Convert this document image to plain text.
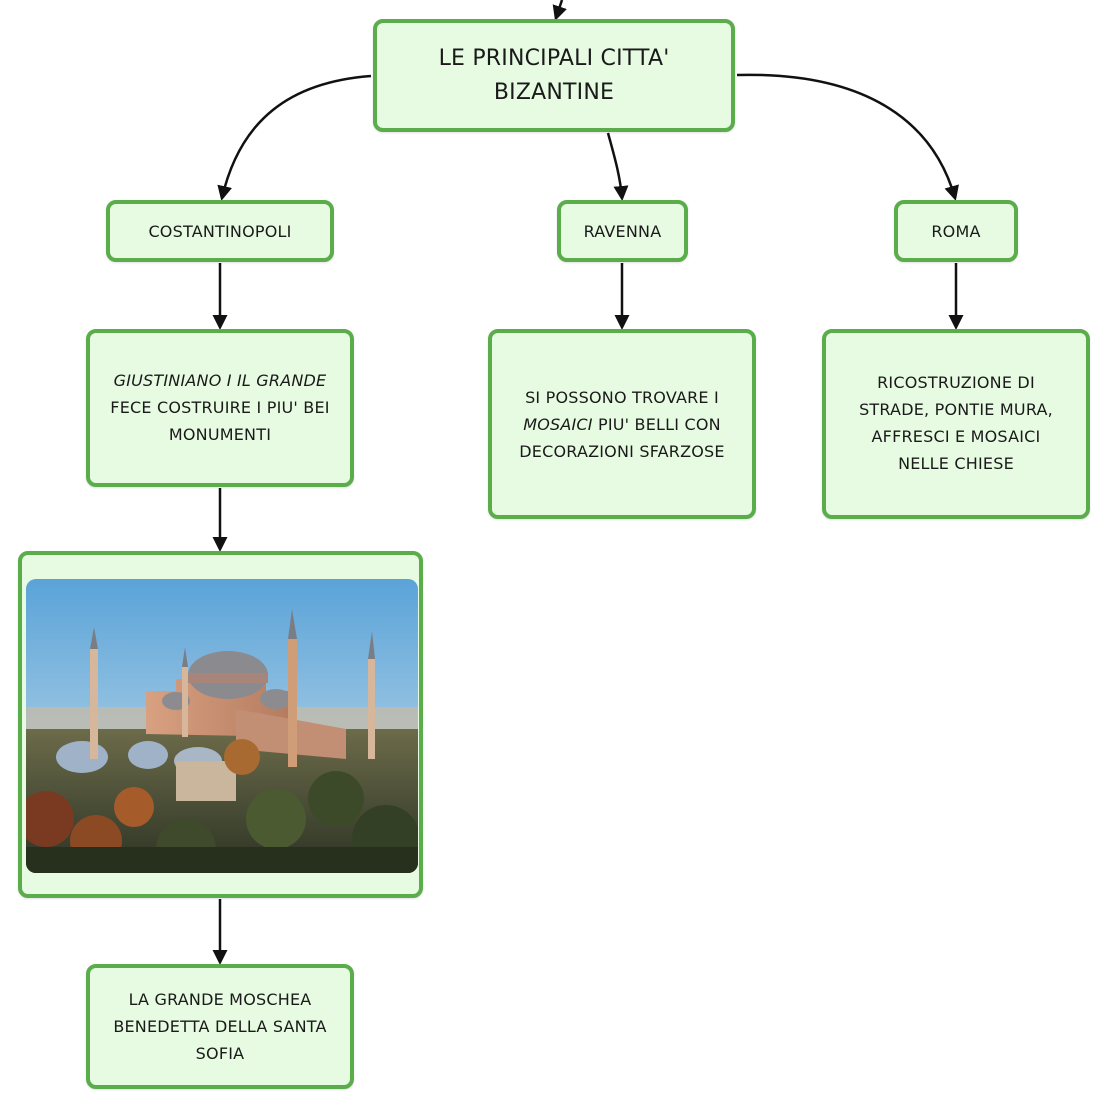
LE PRINCIPALI CITTA'
BIZANTINE
COSTANTINOPOLI	RAVENNA	ROMA
GIUSTINIANO I IL GRANDE
FECE COSTRUIRE I PIU' BEI
MONUMENTI
SI POSSONO TROVARE I
MOSAICI PIU' BELLI CON
DECORAZIONI SFARZOSE
RICOSTRUZIONE DI
STRADE, PONTIE MURA,
AFFRESCI E MOSAICI
NELLE CHIESE
LA GRANDE MOSCHEA
BENEDETTA DELLA SANTA
SOFIA
